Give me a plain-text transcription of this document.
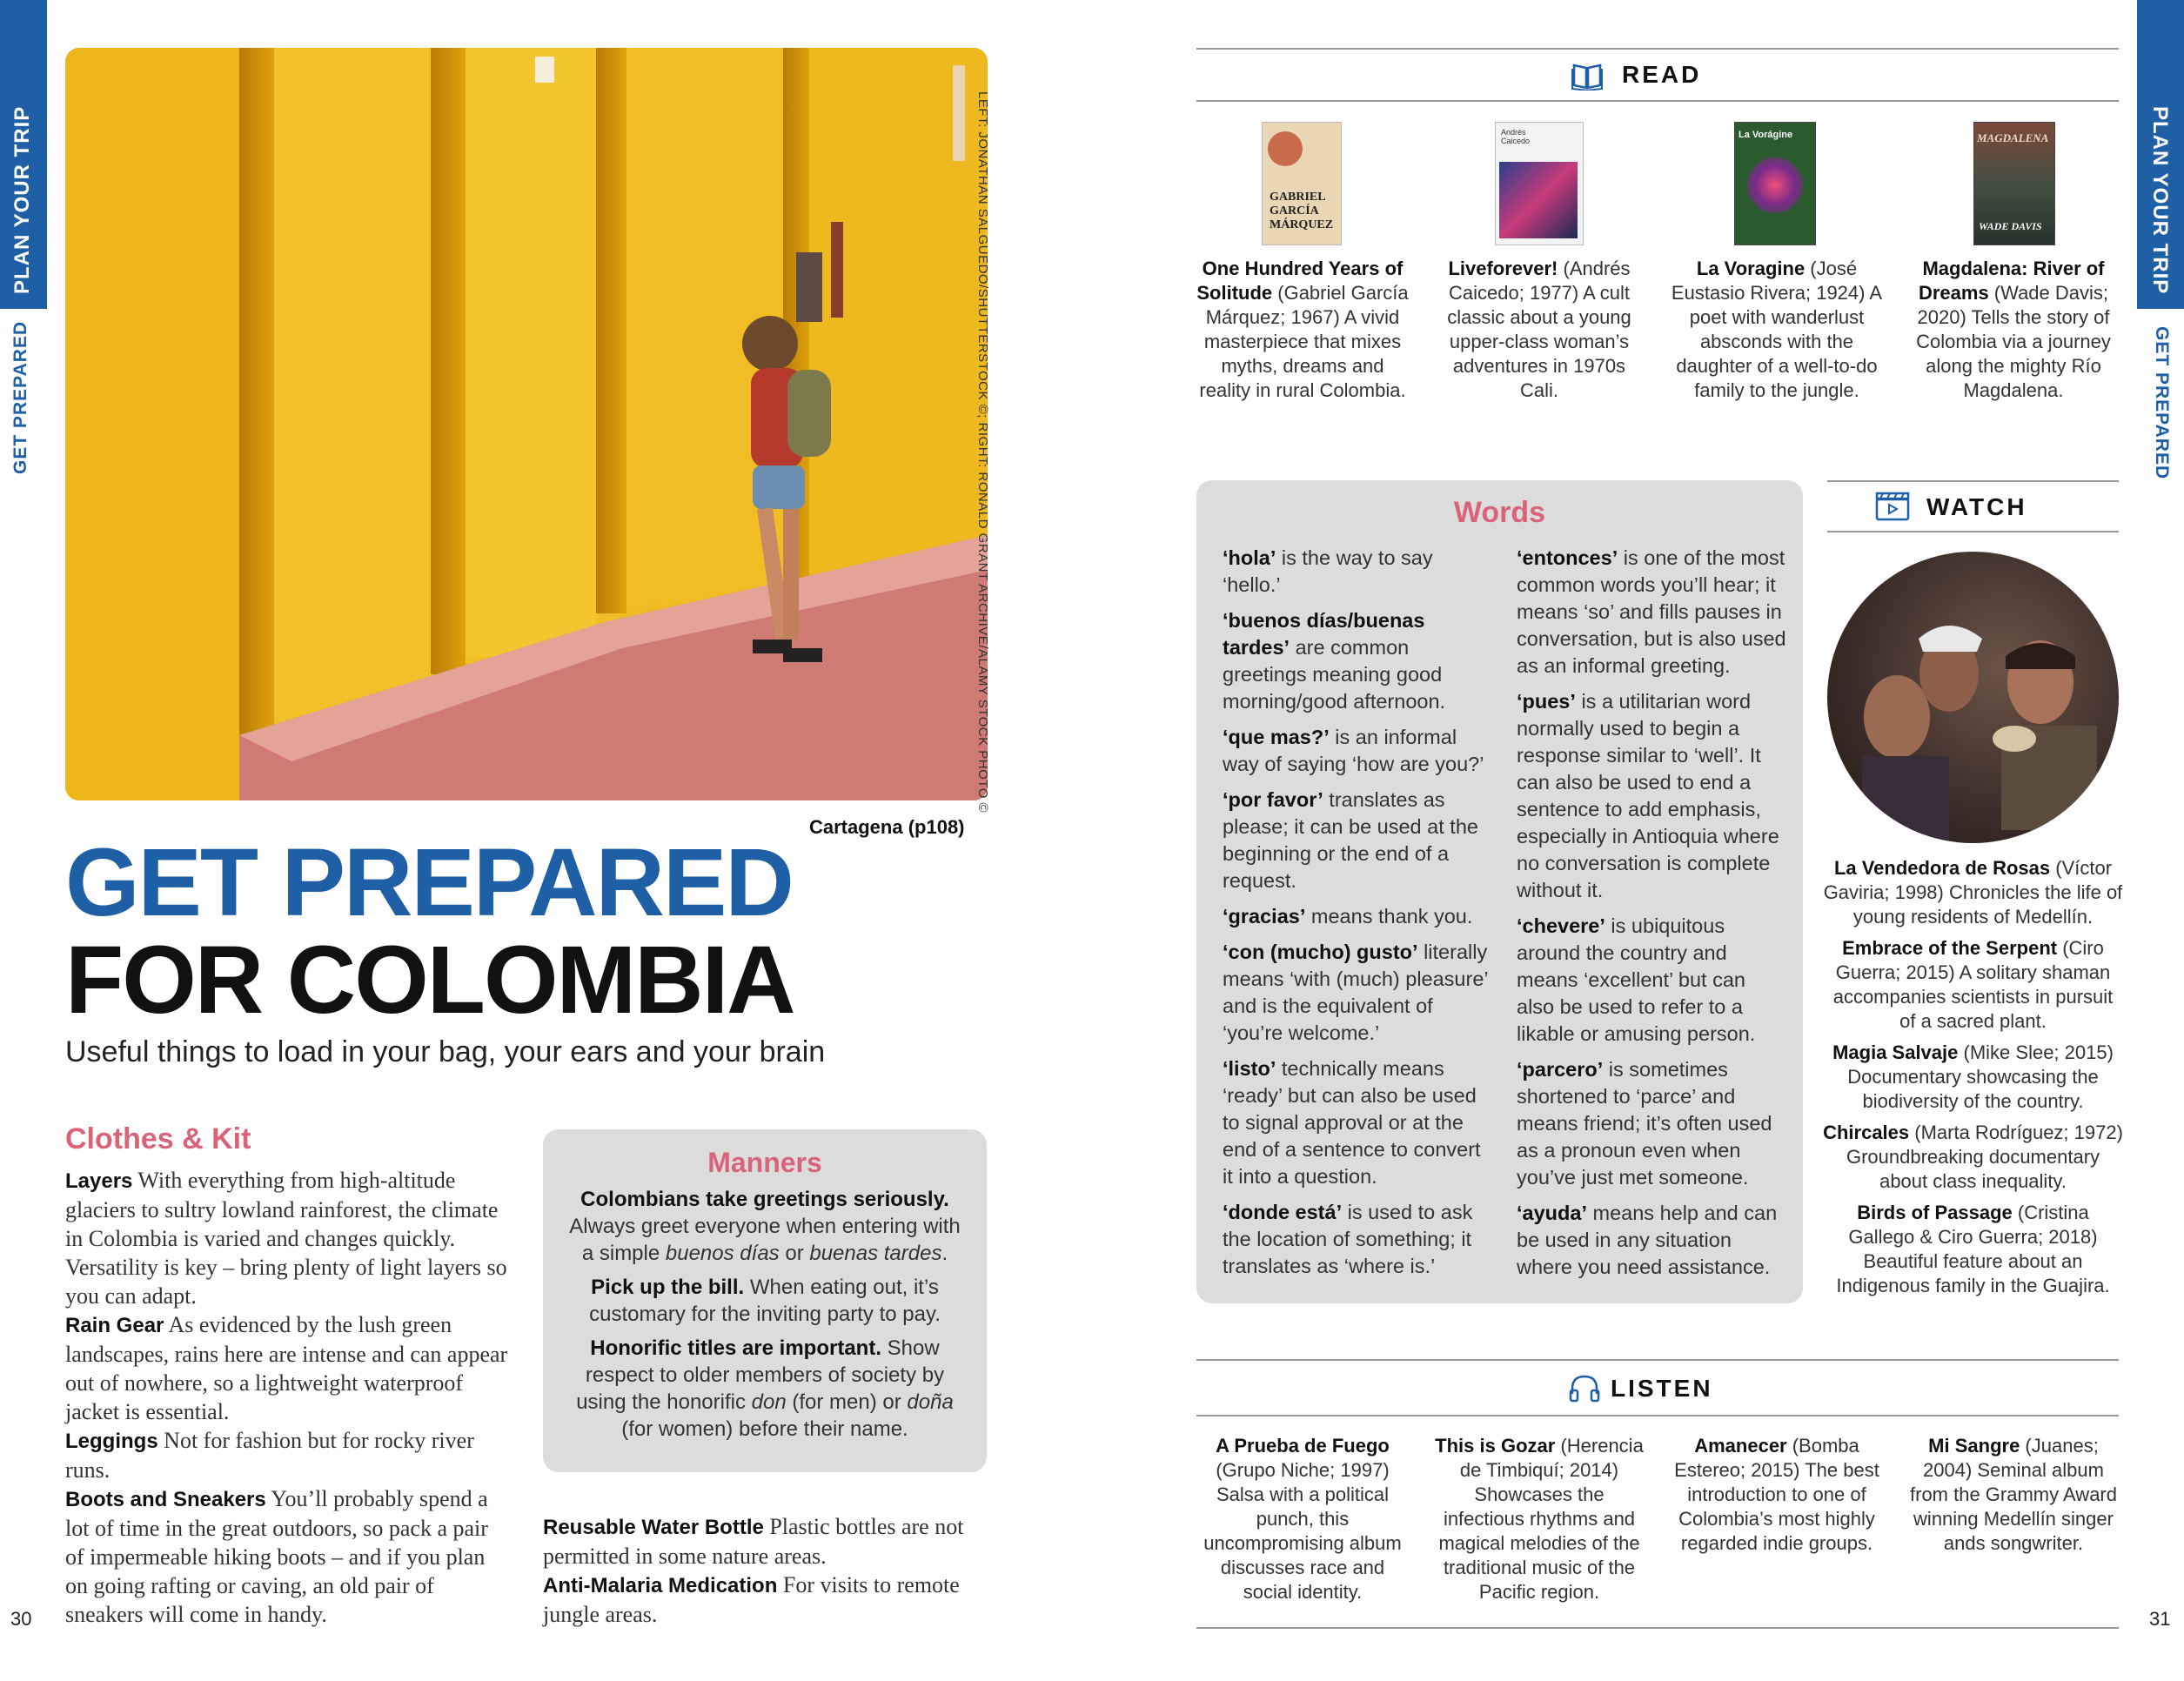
PLAN YOUR TRIP
GET PREPARED	LEFT: JONATHAN SALGUEDO/SHUTTERSTOCK ©; RIGHT: RONALD GRANT ARCHIVE/ALAMY STOCK PHOTO ©
Cartagena (p108)
GET PREPARED
FOR COLOMBIA
Useful things to load in your bag, your ears and your brain
Clothes & Kit
Layers With everything from high-altitude glaciers to sultry lowland rainforest, the climate in Colombia is varied and changes quickly. Versatility is key – bring plenty of light layers so you can adapt.
Rain Gear As evidenced by the lush green landscapes, rains here are intense and can appear out of nowhere, so a lightweight waterproof jacket is essential.
Leggings Not for fashion but for rocky river runs.
Boots and Sneakers You’ll probably spend a lot of time in the great outdoors, so pack a pair of impermeable hiking boots – and if you plan on going rafting or caving, an old pair of sneakers will come in handy.
Manners

Colombians take greetings seriously. Always greet everyone when entering with a simple buenos días or buenas tardes.

Pick up the bill. When eating out, it’s customary for the inviting party to pay.

Honorific titles are important. Show respect to older members of society by using the honorific don (for men) or doña (for women) before their name.

Reusable Water Bottle Plastic bottles are not permitted in some nature areas.
Anti-Malaria Medication For visits to remote jungle areas.
30
PLAN YOUR TRIP
GET PREPARED
READ
GABRIEL
GARCÍA
MÁRQUEZ
Andrés
Caicedo
La Vorágine	MAGDALENA
WADE DAVIS
One Hundred Years of Solitude (Gabriel García Márquez; 1967) A vivid masterpiece that mixes myths, dreams and reality in rural Colombia.
Liveforever! (Andrés Caicedo; 1977) A cult classic about a young upper-class woman’s adventures in 1970s Cali.
La Voragine (José Eustasio Rivera; 1924) A poet with wanderlust absconds with the daughter of a well-to-do family to the jungle.
Magdalena: River of Dreams (Wade Davis; 2020) Tells the story of Colombia via a journey along the mighty Río Magdalena.
Words

‘hola’ is the way to say ‘hello.’

‘buenos días/buenas tardes’ are common greetings meaning good morning/good afternoon.

‘que mas?’ is an informal way of saying ‘how are you?’

‘por favor’ translates as please; it can be used at the beginning or the end of a request.

‘gracias’ means thank you.

‘con (mucho) gusto’ literally means ‘with (much) pleasure’ and is the equivalent of ‘you’re welcome.’

‘listo’ technically means ‘ready’ but can also be used to signal approval or at the end of a sentence to convert it into a question.

‘donde está’ is used to ask the location of something; it translates as ‘where is.’

‘entonces’ is one of the most common words you’ll hear; it means ‘so’ and fills pauses in conversation, but is also used as an informal greeting.

‘pues’ is a utilitarian word normally used to begin a response similar to ‘well’. It can also be used to end a sentence to add emphasis, especially in Antioquia where no conversation is complete without it.

‘chevere’ is ubiquitous around the country and means ‘excellent’ but can also be used to refer to a likable or amusing person.

‘parcero’ is sometimes shortened to ‘parce’ and means friend; it’s often used as a pronoun even when you’ve just met someone.

‘ayuda’ means help and can be used in any situation where you need assistance.

WATCH

La Vendedora de Rosas (Víctor Gaviria; 1998) Chronicles the life of young residents of Medellín.

Embrace of the Serpent (Ciro Guerra; 2015) A solitary shaman accompanies scientists in pursuit of a sacred plant.

Magia Salvaje (Mike Slee; 2015) Documentary showcasing the biodiversity of the country.

Chircales (Marta Rodríguez; 1972) Groundbreaking documentary about class inequality.

Birds of Passage (Cristina Gallego & Ciro Guerra; 2018) Beautiful feature about an Indigenous family in the Guajira.

LISTEN
A Prueba de Fuego (Grupo Niche; 1997) Salsa with a political punch, this uncompromising album discusses race and social identity.
This is Gozar (Herencia de Timbiquí; 2014) Showcases the infectious rhythms and magical melodies of the traditional music of the Pacific region.
Amanecer (Bomba Estereo; 2015) The best introduction to one of Colombia’s most highly regarded indie groups.
Mi Sangre (Juanes; 2004) Seminal album from the Grammy Award winning Medellín singer ands songwriter.
31
